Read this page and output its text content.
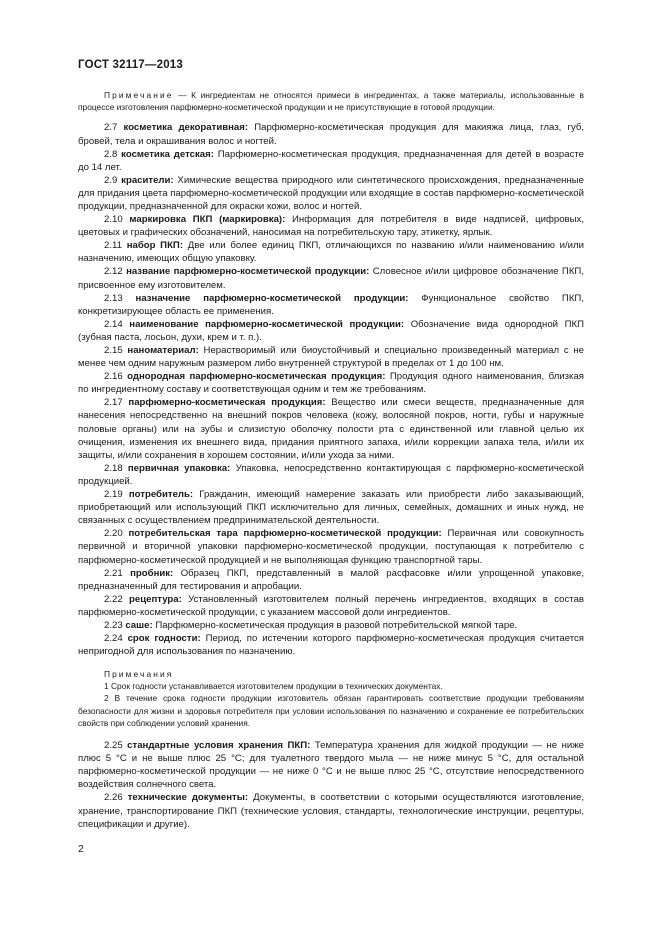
ГОСТ 32117—2013
Примечание — К ингредиентам не относятся примеси в ингредиентах, а также материалы, использованные в процессе изготовления парфюмерно-косметической продукции и не присутствующие в готовой продукции.

2.7 косметика декоративная: Парфюмерно-косметическая продукция для макияжа лица, глаз, губ, бровей, тела и окрашивания волос и ногтей.

2.8 косметика детская: Парфюмерно-косметическая продукция, предназначенная для детей в возрасте до 14 лет.

2.9 красители: Химические вещества природного или синтетического происхождения, предназначенные для придания цвета парфюмерно-косметической продукции или входящие в состав парфюмерно-косметической продукции, предназначенной для окраски кожи, волос и ногтей.

2.10 маркировка ПКП (маркировка): Информация для потребителя в виде надписей, цифровых, цветовых и графических обозначений, наносимая на потребительскую тару, этикетку, ярлык.

2.11 набор ПКП: Две или более единиц ПКП, отличающихся по названию и/или наименованию и/или назначению, имеющих общую упаковку.

2.12 название парфюмерно-косметической продукции: Словесное и/или цифровое обозначение ПКП, присвоенное ему изготовителем.

2.13 назначение парфюмерно-косметической продукции: Функциональное свойство ПКП, конкретизирующее область ее применения.

2.14 наименование парфюмерно-косметической продукции: Обозначение вида однородной ПКП (зубная паста, лосьон, духи, крем и т. п.).

2.15 наноматериал: Нерастворимый или биоустойчивый и специально произведенный материал с не менее чем одним наружным размером либо внутренней структурой в пределах от 1 до 100 нм.

2.16 однородная парфюмерно-косметическая продукция: Продукция одного наименования, близкая по ингредиентному составу и соответствующая одним и тем же требованиям.

2.17 парфюмерно-косметическая продукция: Вещество или смеси веществ, предназначенные для нанесения непосредственно на внешний покров человека (кожу, волосяной покров, ногти, губы и наружные половые органы) или на зубы и слизистую оболочку полости рта с единственной или главной целью их очищения, изменения их внешнего вида, придания приятного запаха, и/или коррекции запаха тела, и/или их защиты, и/или сохранения в хорошем состоянии, и/или ухода за ними.

2.18 первичная упаковка: Упаковка, непосредственно контактирующая с парфюмерно-косметической продукцией.

2.19 потребитель: Гражданин, имеющий намерение заказать или приобрести либо заказывающий, приобретающий или использующий ПКП исключительно для личных, семейных, домашних и иных нужд, не связанных с осуществлением предпринимательской деятельности.

2.20 потребительская тара парфюмерно-косметической продукции: Первичная или совокупность первичной и вторичной упаковки парфюмерно-косметической продукции, поступающая к потребителю с парфюмерно-косметической продукцией и не выполняющая функцию транспортной тары.

2.21 пробник: Образец ПКП, представленный в малой расфасовке и/или упрощенной упаковке, предназначенный для тестирования и апробации.

2.22 рецептура: Установленный изготовителем полный перечень ингредиентов, входящих в состав парфюмерно-косметической продукции, с указанием массовой доли ингредиентов.

2.23 саше: Парфюмерно-косметическая продукция в разовой потребительской мягкой таре.

2.24 срок годности: Период, по истечении которого парфюмерно-косметическая продукция считается непригодной для использования по назначению.

Примечания
1 Срок годности устанавливается изготовителем продукции в технических документах.
2 В течение срока годности продукции изготовитель обязан гарантировать соответствие продукции требованиям безопасности для жизни и здоровья потребителя при условии использования по назначению и сохранение ее потребительских свойств при соблюдении условий хранения.

2.25 стандартные условия хранения ПКП: Температура хранения для жидкой продукции — не ниже плюс 5 °С и не выше плюс 25 °С; для туалетного твердого мыла — не ниже минус 5 °С, для остальной парфюмерно-косметической продукции — не ниже 0 °С и не выше плюс 25 °С, отсутствие непосредственного воздействия солнечного света.

2.26 технические документы: Документы, в соответствии с которыми осуществляются изготовление, хранение, транспортирование ПКП (технические условия, стандарты, технологические инструкции, рецептуры, спецификации и другие).

2
